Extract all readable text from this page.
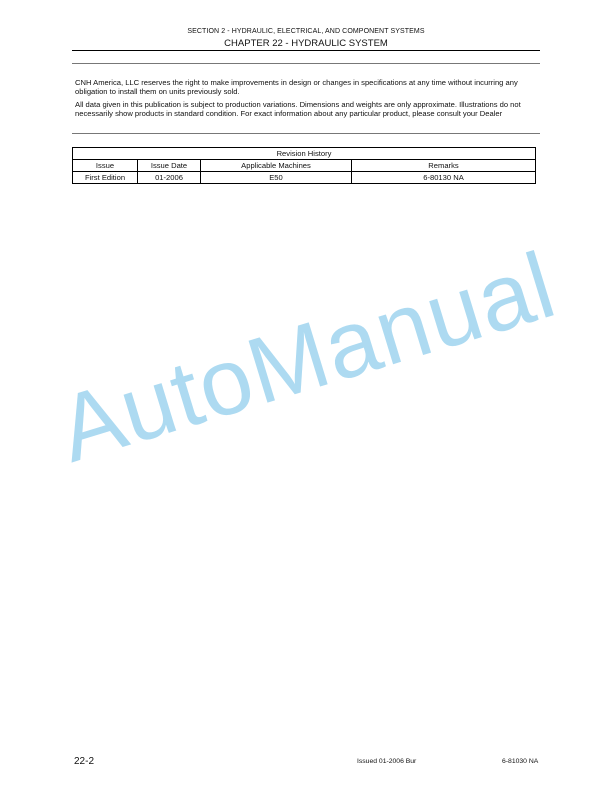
SECTION 2 - HYDRAULIC, ELECTRICAL, AND COMPONENT SYSTEMS
CHAPTER 22 - HYDRAULIC SYSTEM

CNH America, LLC reserves the right to make improvements in design or changes in specifications at any time without incurring any obligation to install them on units previously sold.

All data given in this publication is subject to production variations. Dimensions and weights are only approximate. Illustrations do not necessarily show products in standard condition. For exact information about any particular product, please consult your Dealer

Revision History			
Issue	Issue Date	Applicable Machines	Remarks
First Edition	01-2006	E50	6-80130 NA
AutoManual
22-2	Issued 01-2006 Bur	6-81030 NA
